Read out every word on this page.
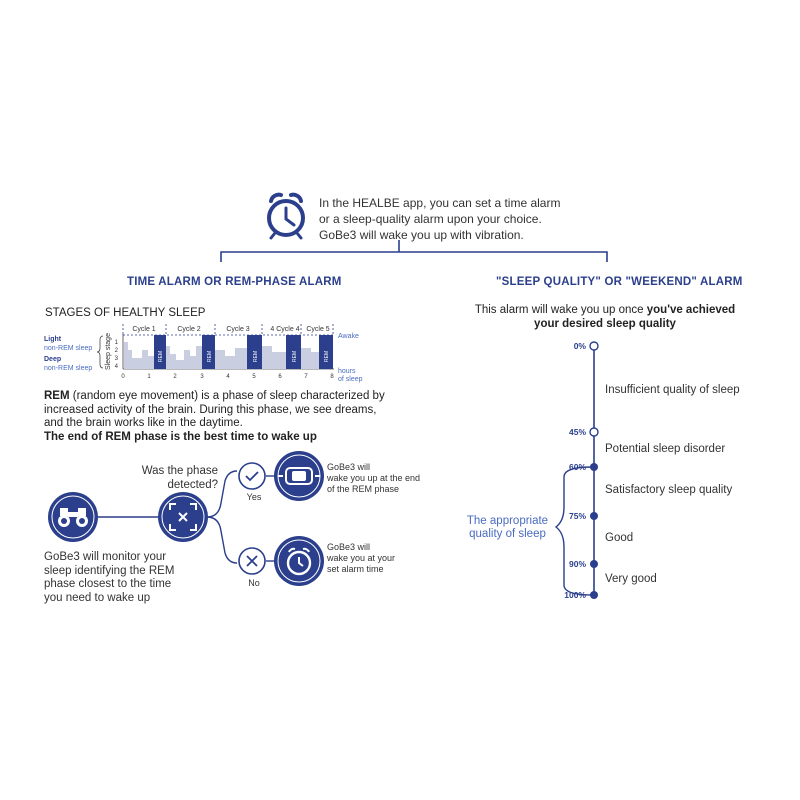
Cycle 1	Cycle 2	Cycle 3	4 Cycle 4 Cycle 5
REM	REM	REM	REM	REM
1
2
3
4
Sleep stage
0	1	2	3	4	5	6	7	8
Awake
hours
of sleep
Light
non-REM sleep
Deep
non-REM sleep
In the HEALBE app, you can set a time alarm
or a sleep-quality alarm upon your choice.
GoBe3 will wake you up with vibration.
TIME ALARM OR REM-PHASE ALARM	"SLEEP QUALITY" OR "WEEKEND" ALARM
STAGES OF HEALTHY SLEEP
REM (random eye movement) is a phase of sleep characterized by
increased activity of the brain. During this phase, we see dreams,
and the brain works like in the daytime.
The end of REM phase is the best time to wake up
Was the phase
detected?
Yes
No
GoBe3 will
wake you up at the end
of the REM phase
GoBe3 will
wake you at your
set alarm time
GoBe3 will monitor your
sleep identifying the REM
phase closest to the time
you need to wake up
This alarm will wake you up once you've achieved
your desired sleep quality
0%
45%
60%
75%
90%
100%
Insufficient quality of sleep
Potential sleep disorder
Satisfactory sleep quality
Good
Very good
The appropriate
quality of sleep
